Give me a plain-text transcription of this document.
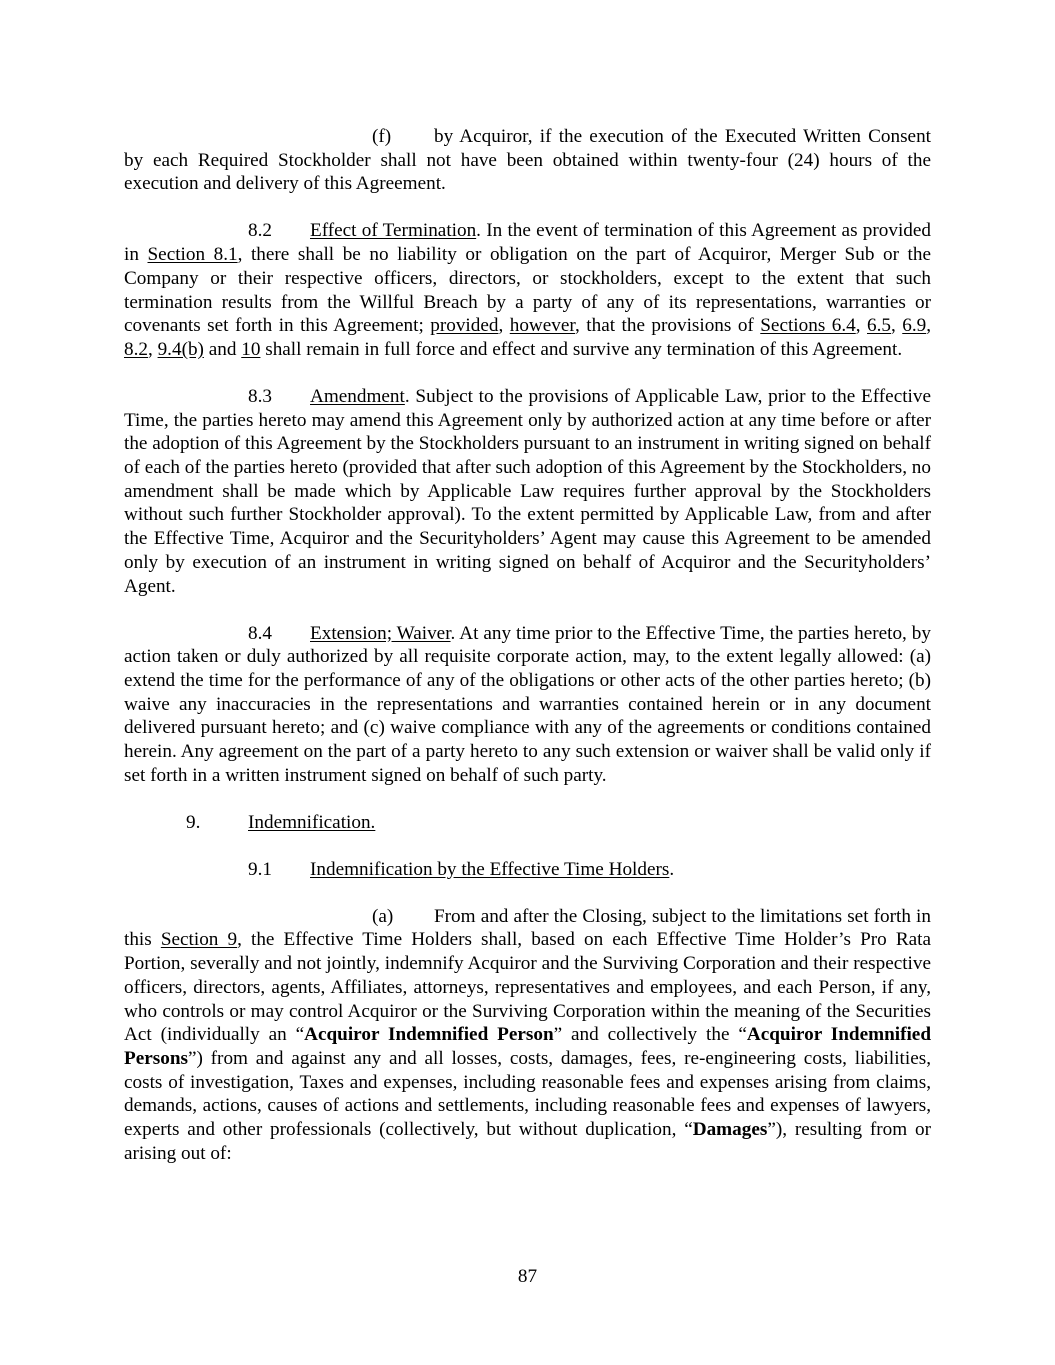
(f) by Acquiror, if the execution of the Executed Written Consent by each Required Stockholder shall not have been obtained within twenty-four (24) hours of the execution and delivery of this Agreement.

8.2 Effect of Termination. In the event of termination of this Agreement as provided in Section 8.1, there shall be no liability or obligation on the part of Acquiror, Merger Sub or the Company or their respective officers, directors, or stockholders, except to the extent that such termination results from the Willful Breach by a party of any of its representations, warranties or covenants set forth in this Agreement; provided, however, that the provisions of Sections 6.4, 6.5, 6.9, 8.2, 9.4(b) and 10 shall remain in full force and effect and survive any termination of this Agreement.

8.3 Amendment. Subject to the provisions of Applicable Law, prior to the Effective Time, the parties hereto may amend this Agreement only by authorized action at any time before or after the adoption of this Agreement by the Stockholders pursuant to an instrument in writing signed on behalf of each of the parties hereto (provided that after such adoption of this Agreement by the Stockholders, no amendment shall be made which by Applicable Law requires further approval by the Stockholders without such further Stockholder approval). To the extent permitted by Applicable Law, from and after the Effective Time, Acquiror and the Securityholders’ Agent may cause this Agreement to be amended only by execution of an instrument in writing signed on behalf of Acquiror and the Securityholders’ Agent.

8.4 Extension; Waiver. At any time prior to the Effective Time, the parties hereto, by action taken or duly authorized by all requisite corporate action, may, to the extent legally allowed: (a) extend the time for the performance of any of the obligations or other acts of the other parties hereto; (b) waive any inaccuracies in the representations and warranties contained herein or in any document delivered pursuant hereto; and (c) waive compliance with any of the agreements or conditions contained herein. Any agreement on the part of a party hereto to any such extension or waiver shall be valid only if set forth in a written instrument signed on behalf of such party.

9. Indemnification.

9.1 Indemnification by the Effective Time Holders.

(a) From and after the Closing, subject to the limitations set forth in this Section 9, the Effective Time Holders shall, based on each Effective Time Holder’s Pro Rata Portion, severally and not jointly, indemnify Acquiror and the Surviving Corporation and their respective officers, directors, agents, Affiliates, attorneys, representatives and employees, and each Person, if any, who controls or may control Acquiror or the Surviving Corporation within the meaning of the Securities Act (individually an “Acquiror Indemnified Person” and collectively the “Acquiror Indemnified Persons”) from and against any and all losses, costs, damages, fees, re-engineering costs, liabilities, costs of investigation, Taxes and expenses, including reasonable fees and expenses arising from claims, demands, actions, causes of actions and settlements, including reasonable fees and expenses of lawyers, experts and other professionals (collectively, but without duplication, “Damages”), resulting from or arising out of:

87
